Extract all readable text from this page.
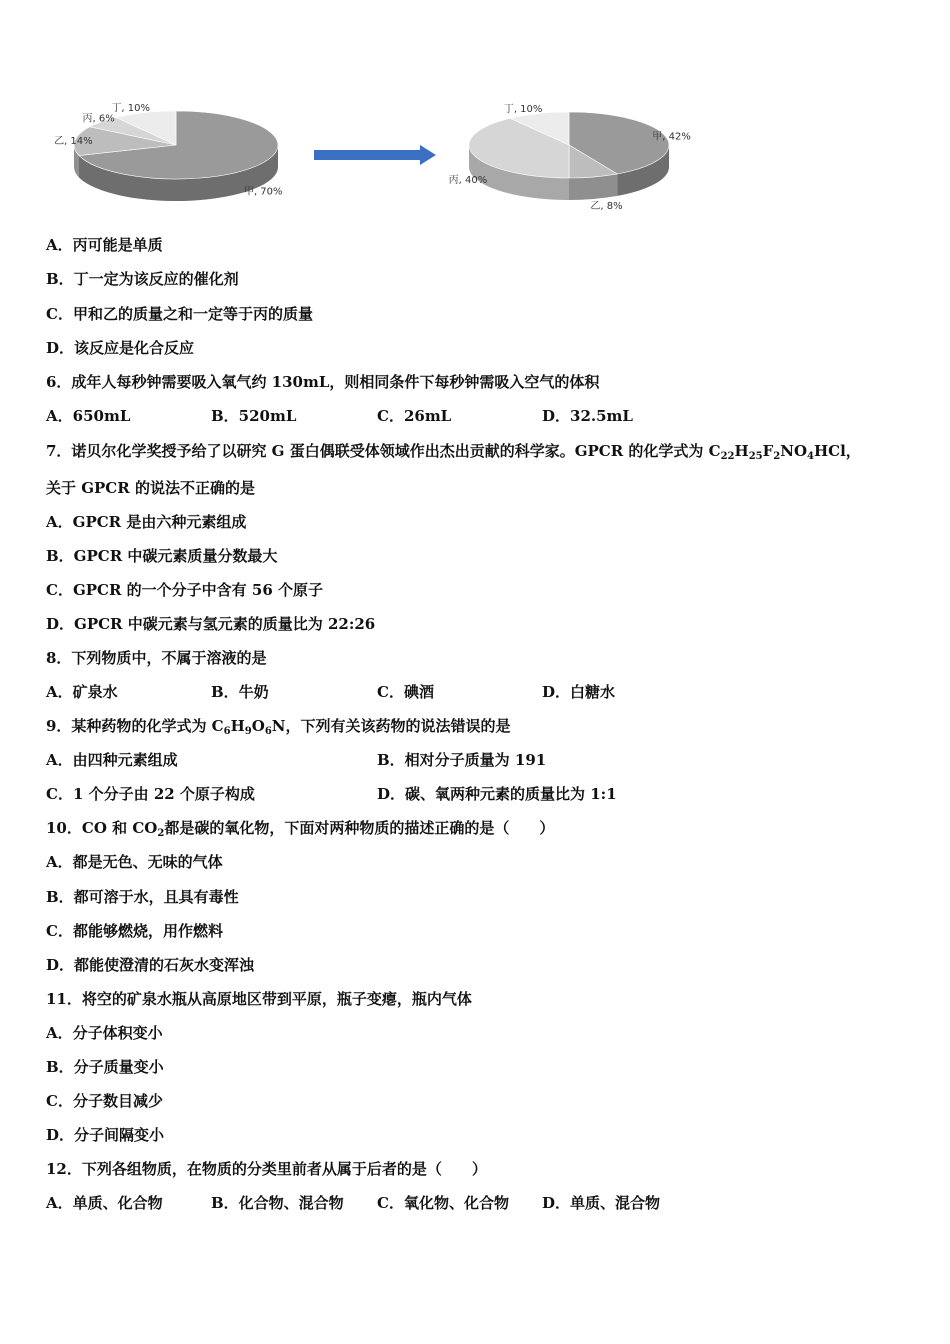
甲, 70%
乙, 14%
丙, 6%
丁, 10%
甲, 42%
乙, 8%
丙, 40%
丁, 10%
A．丙可能是单质
B．丁一定为该反应的催化剂
C．甲和乙的质量之和一定等于丙的质量
D．该反应是化合反应
6．成年人每秒钟需要吸入氧气约 130mL，则相同条件下每秒钟需吸入空气的体积
A．650mL	B．520mL	C．26mL	D．32.5mL
7．诺贝尔化学奖授予给了以研究 G 蛋白偶联受体领域作出杰出贡献的科学家。GPCR 的化学式为 $C_{22}H_{25}F_2NO_4HCl$，
关于 GPCR 的说法不正确的是
A．GPCR 是由六种元素组成
B．GPCR 中碳元素质量分数最大
C．GPCR 的一个分子中含有 56 个原子
D．GPCR 中碳元素与氢元素的质量比为 22:26
8．下列物质中，不属于溶液的是
A．矿泉水	B．牛奶	C．碘酒	D．白糖水
9．某种药物的化学式为 $C_6H_9O_6N$，下列有关该药物的说法错误的是
A．由四种元素组成	B．相对分子质量为 191
C．1 个分子由 22 个原子构成	D．碳、氧两种元素的质量比为 1:1
10．CO 和 $CO_2$都是碳的氧化物，下面对两种物质的描述正确的是（　　）
A．都是无色、无味的气体
B．都可溶于水，且具有毒性
C．都能够燃烧，用作燃料
D．都能使澄清的石灰水变浑浊
11．将空的矿泉水瓶从高原地区带到平原，瓶子变瘪，瓶内气体
A．分子体积变小
B．分子质量变小
C．分子数目减少
D．分子间隔变小
12．下列各组物质，在物质的分类里前者从属于后者的是（　　）
A．单质、化合物	B．化合物、混合物 C．氧化物、化合物 D．单质、混合物
